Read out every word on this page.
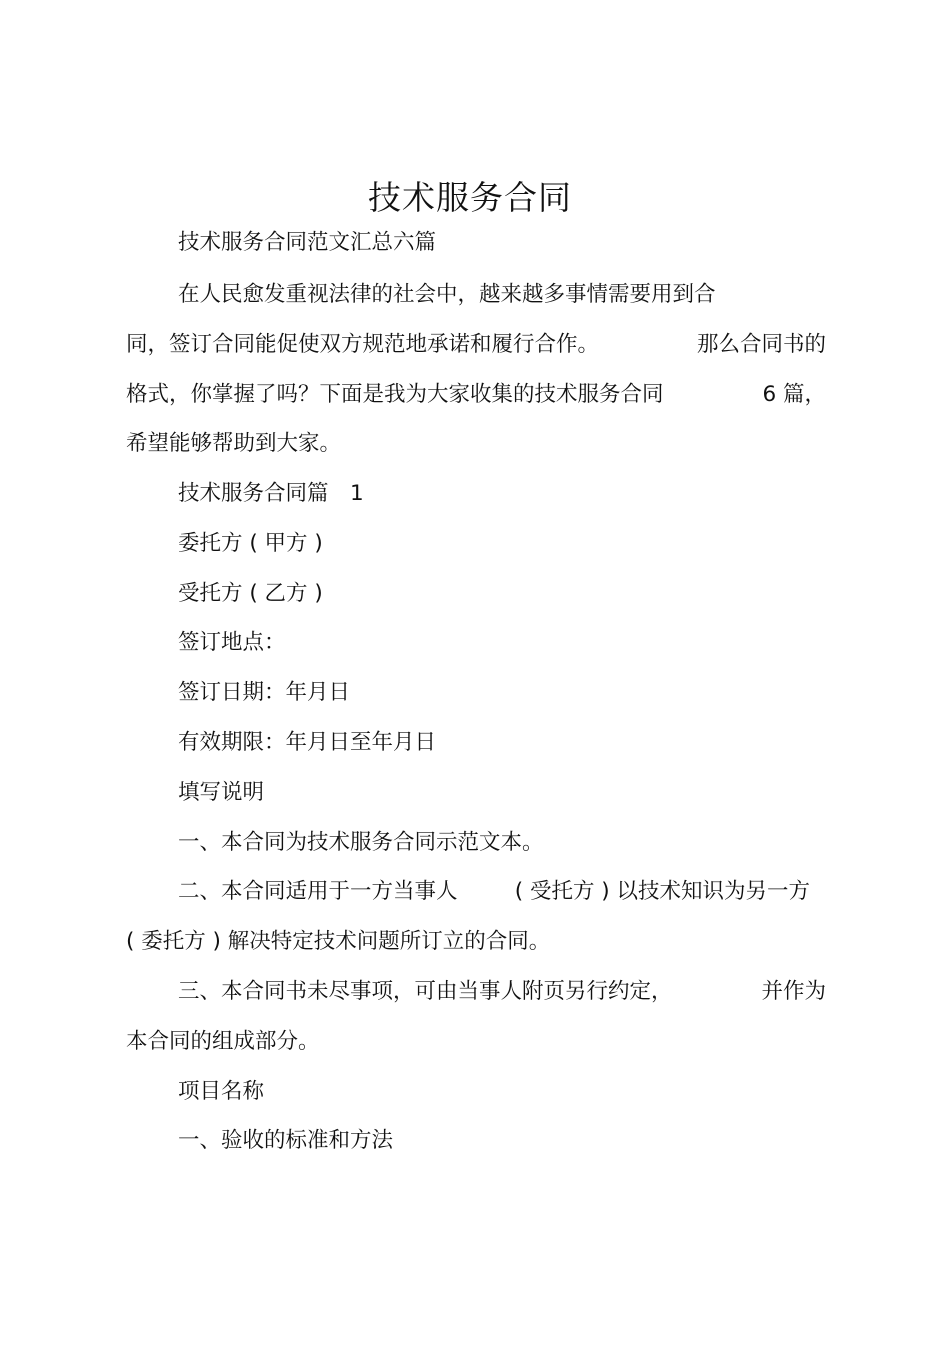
技术服务合同
技术服务合同范文汇总六篇
在人民愈发重视法律的社会中，越来越多事情需要用到合
同，签订合同能促使双方规范地承诺和履行合作。	那么合同书的
格式，你掌握了吗？下面是我为大家收集的技术服务合同	6 篇，
希望能够帮助到大家。
技术服务合同篇　1
委托方 ( 甲方 )
受托方 ( 乙方 )
签订地点：
签订日期：年月日
有效期限：年月日至年月日
填写说明
一、本合同为技术服务合同示范文本。
二、本合同适用于一方当事人	( 受托方 ) 以技术知识为另一方
( 委托方 ) 解决特定技术问题所订立的合同。
三、本合同书未尽事项，可由当事人附页另行约定，	并作为
本合同的组成部分。
项目名称
一、验收的标准和方法
